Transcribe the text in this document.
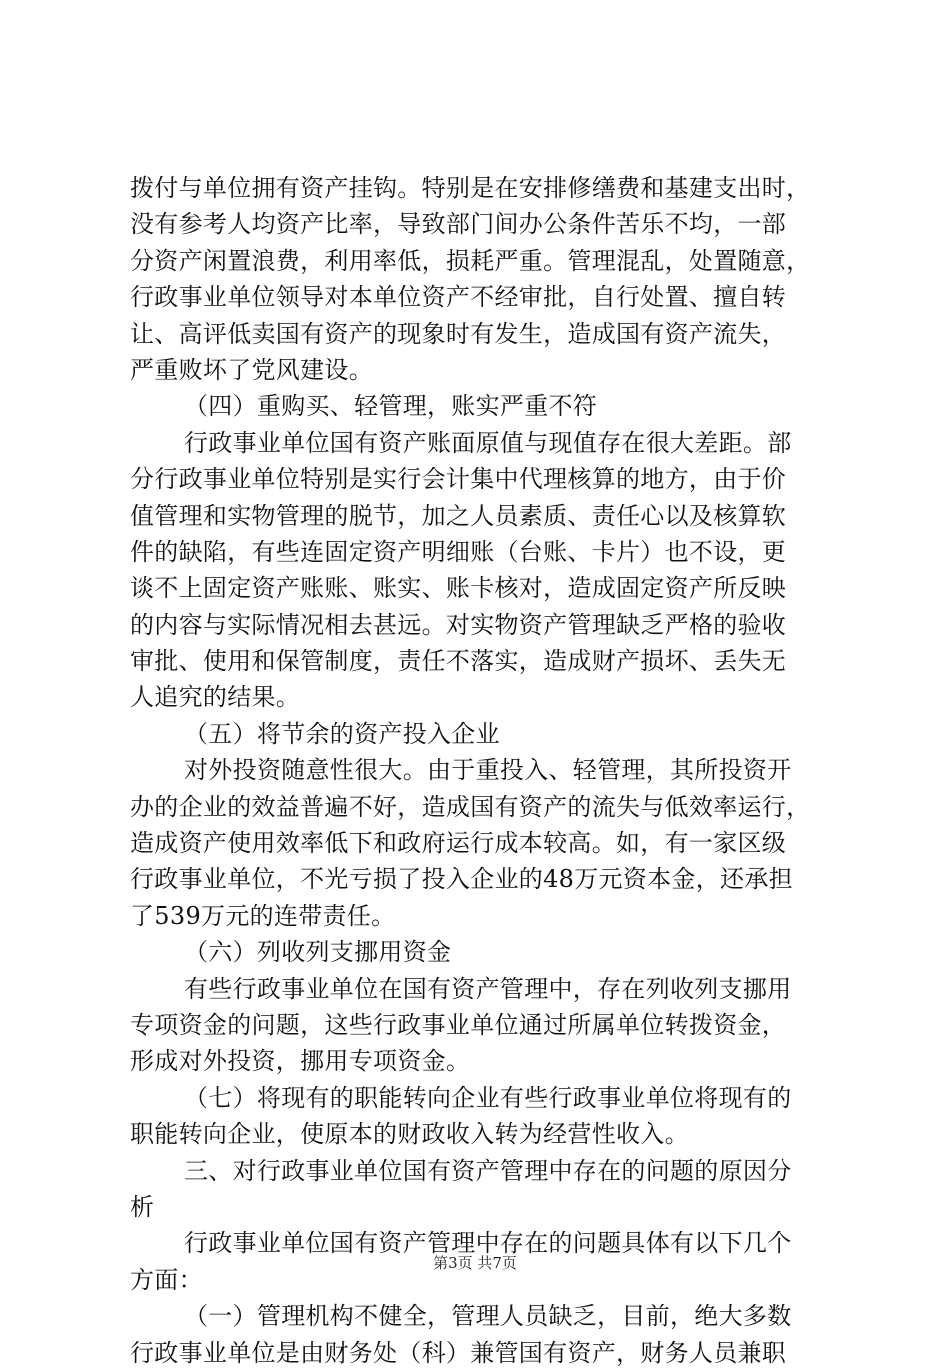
拨付与单位拥有资产挂钩。特别是在安排修缮费和基建支出时，
没有参考人均资产比率，导致部门间办公条件苦乐不均，一部
分资产闲置浪费，利用率低，损耗严重。管理混乱，处置随意，
行政事业单位领导对本单位资产不经审批，自行处置、擅自转
让、高评低卖国有资产的现象时有发生，造成国有资产流失，
严重败坏了党风建设。
（四）重购买、轻管理，账实严重不符
行政事业单位国有资产账面原值与现值存在很大差距。部
分行政事业单位特别是实行会计集中代理核算的地方，由于价
值管理和实物管理的脱节，加之人员素质、责任心以及核算软
件的缺陷，有些连固定资产明细账（台账、卡片）也不设，更
谈不上固定资产账账、账实、账卡核对，造成固定资产所反映
的内容与实际情况相去甚远。对实物资产管理缺乏严格的验收
审批、使用和保管制度，责任不落实，造成财产损坏、丢失无
人追究的结果。
（五）将节余的资产投入企业
对外投资随意性很大。由于重投入、轻管理，其所投资开
办的企业的效益普遍不好，造成国有资产的流失与低效率运行，
造成资产使用效率低下和政府运行成本较高。如，有一家区级
行政事业单位，不光亏损了投入企业的48万元资本金，还承担
了539万元的连带责任。
（六）列收列支挪用资金
有些行政事业单位在国有资产管理中，存在列收列支挪用
专项资金的问题，这些行政事业单位通过所属单位转拨资金，
形成对外投资，挪用专项资金。
（七）将现有的职能转向企业有些行政事业单位将现有的
职能转向企业，使原本的财政收入转为经营性收入。
三、对行政事业单位国有资产管理中存在的问题的原因分
析
行政事业单位国有资产管理中存在的问题具体有以下几个
方面：
（一）管理机构不健全，管理人员缺乏，目前，绝大多数
行政事业单位是由财务处（科）兼管国有资产，财务人员兼职
第3页 共7页
